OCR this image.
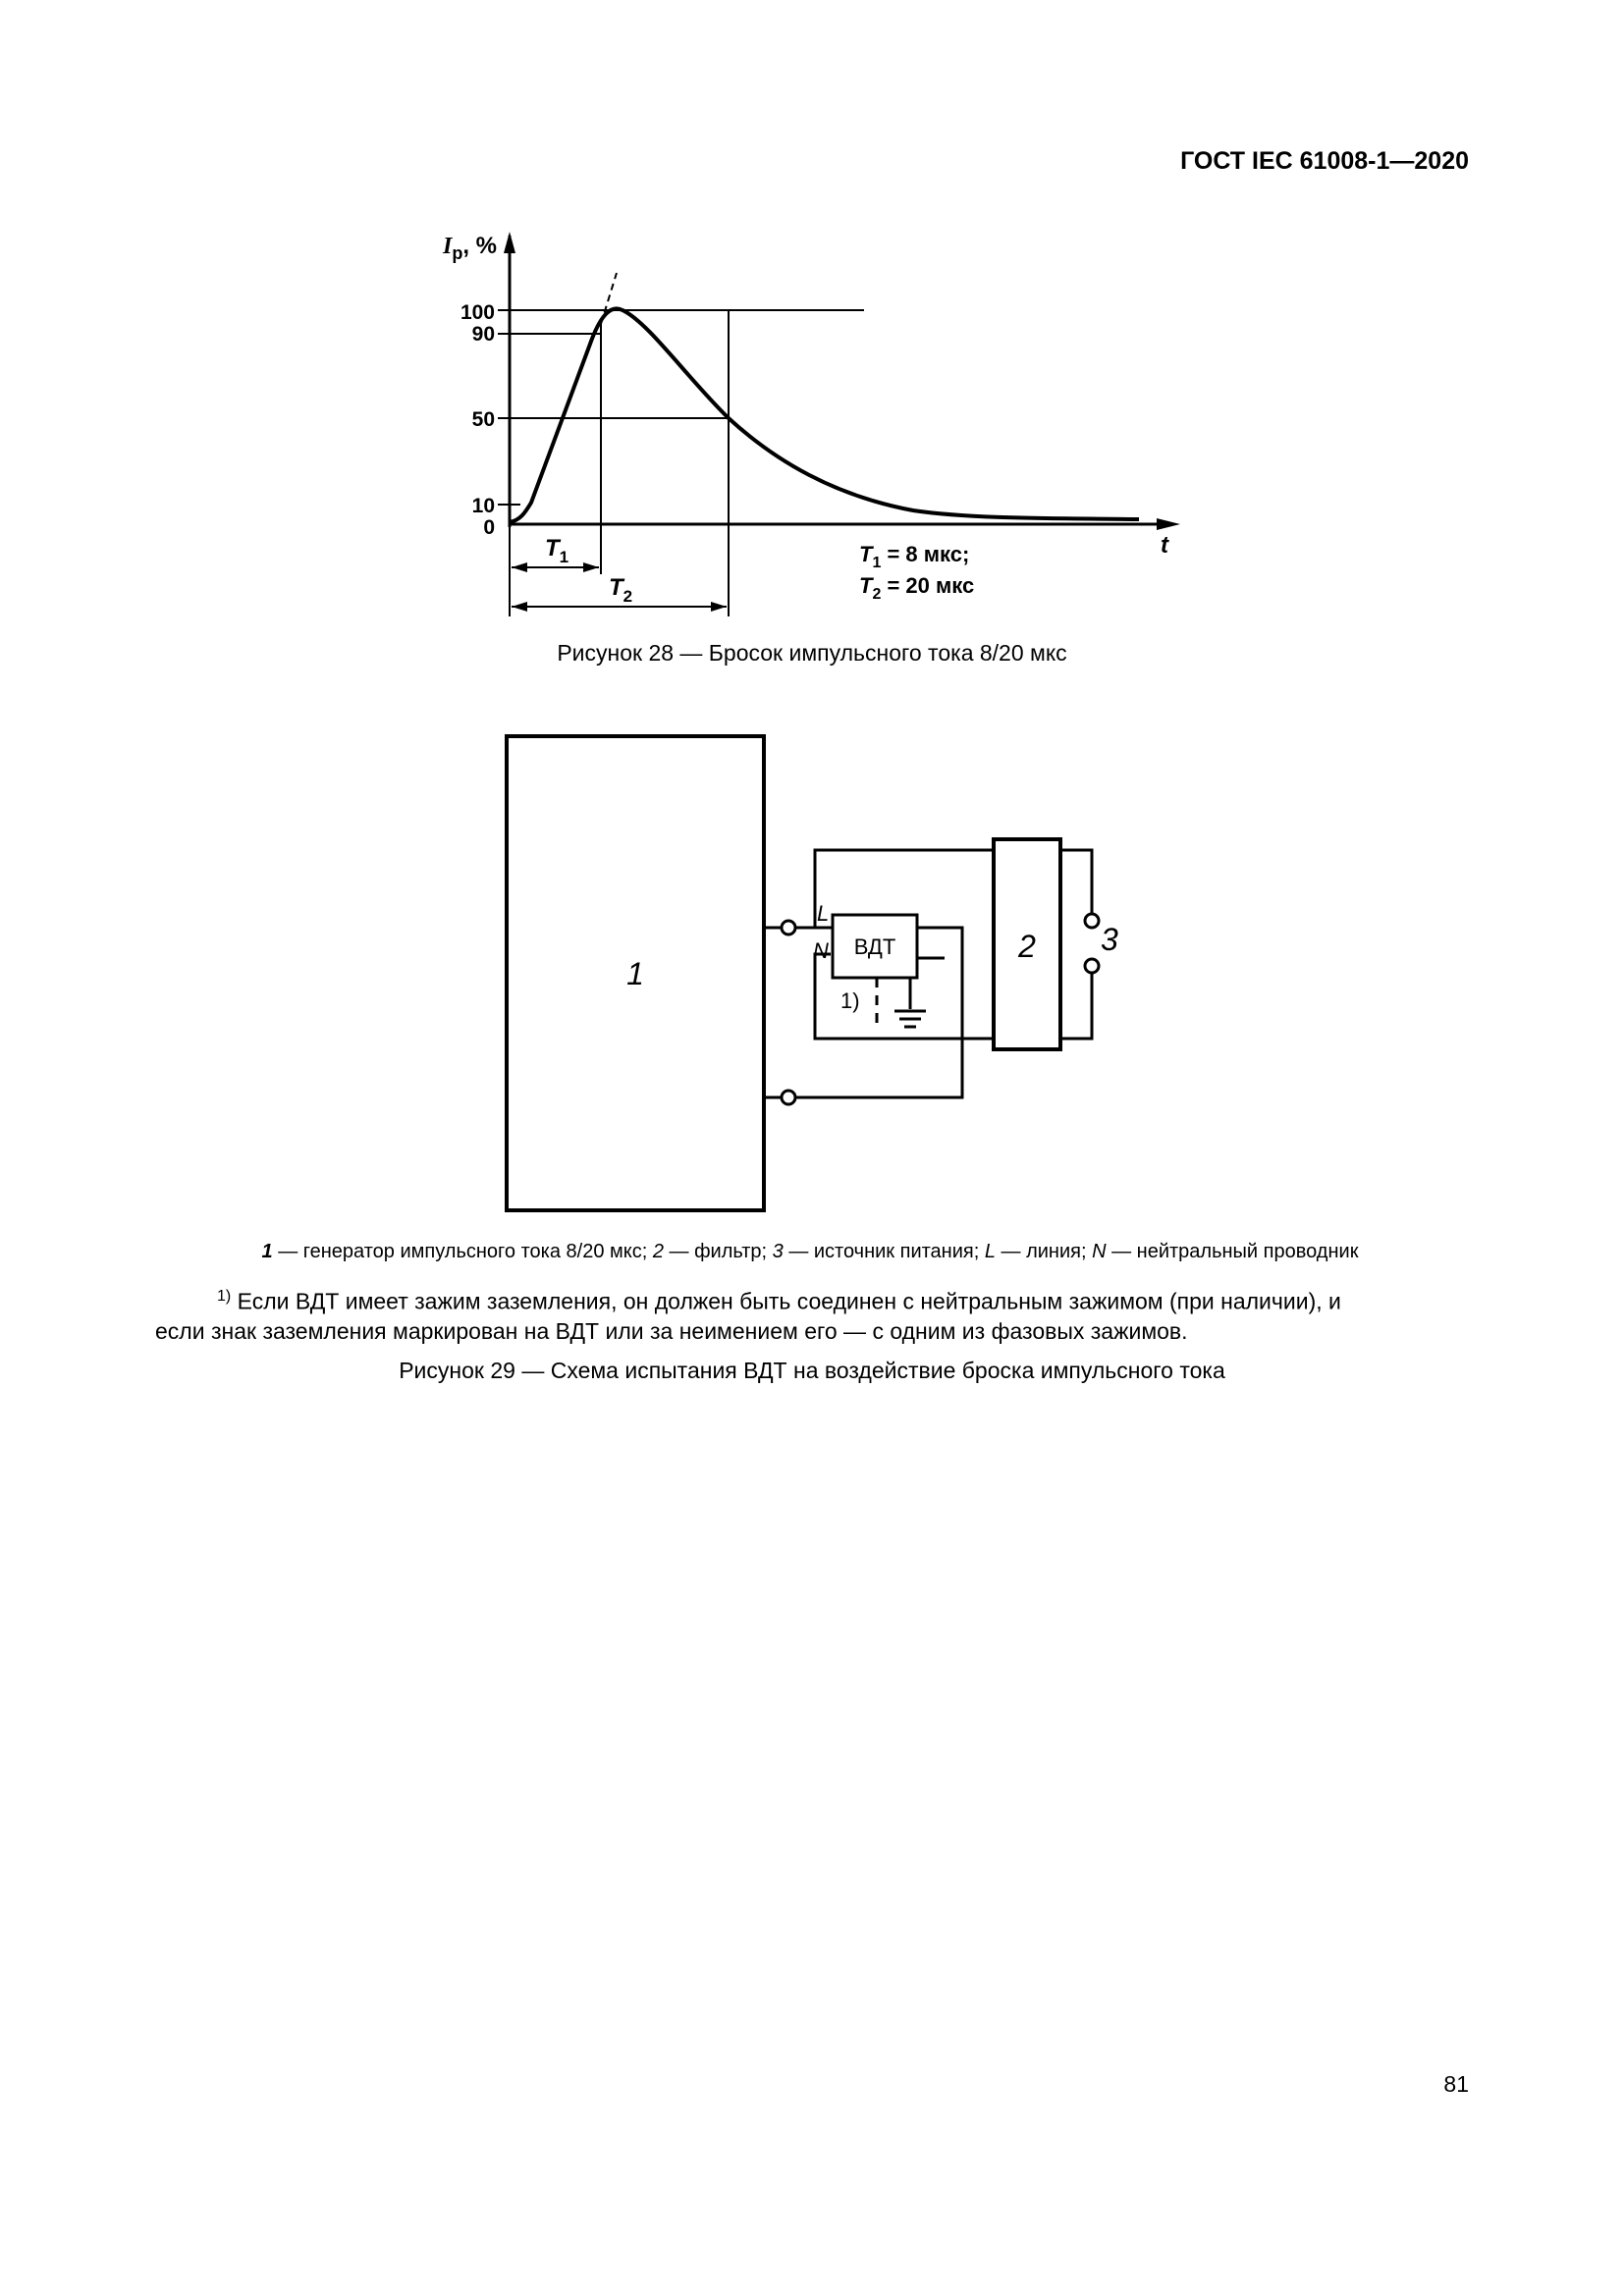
ГОСТ IEC 61008-1—2020
$I_p$, %
t
100
90
50
10
0
$T_1$
$T_2$
$T_1 = 8$ мкс;
$T_2 = 20$ мкс
Рисунок 28 — Бросок импульсного тока 8/20 мкс
1
ВДТ
L
N
1)
2 3
1 — генератор импульсного тока 8/20 мкс; 2 — фильтр; 3 — источник питания; L — линия; N — нейтральный проводник
$^{1)}$ Если ВДТ имеет зажим заземления, он должен быть соединен с нейтральным зажимом (при наличии), и
если знак заземления маркирован на ВДТ или за неимением его — с одним из фазовых зажимов.
Рисунок 29 — Схема испытания ВДТ на воздействие броска импульсного тока
81
